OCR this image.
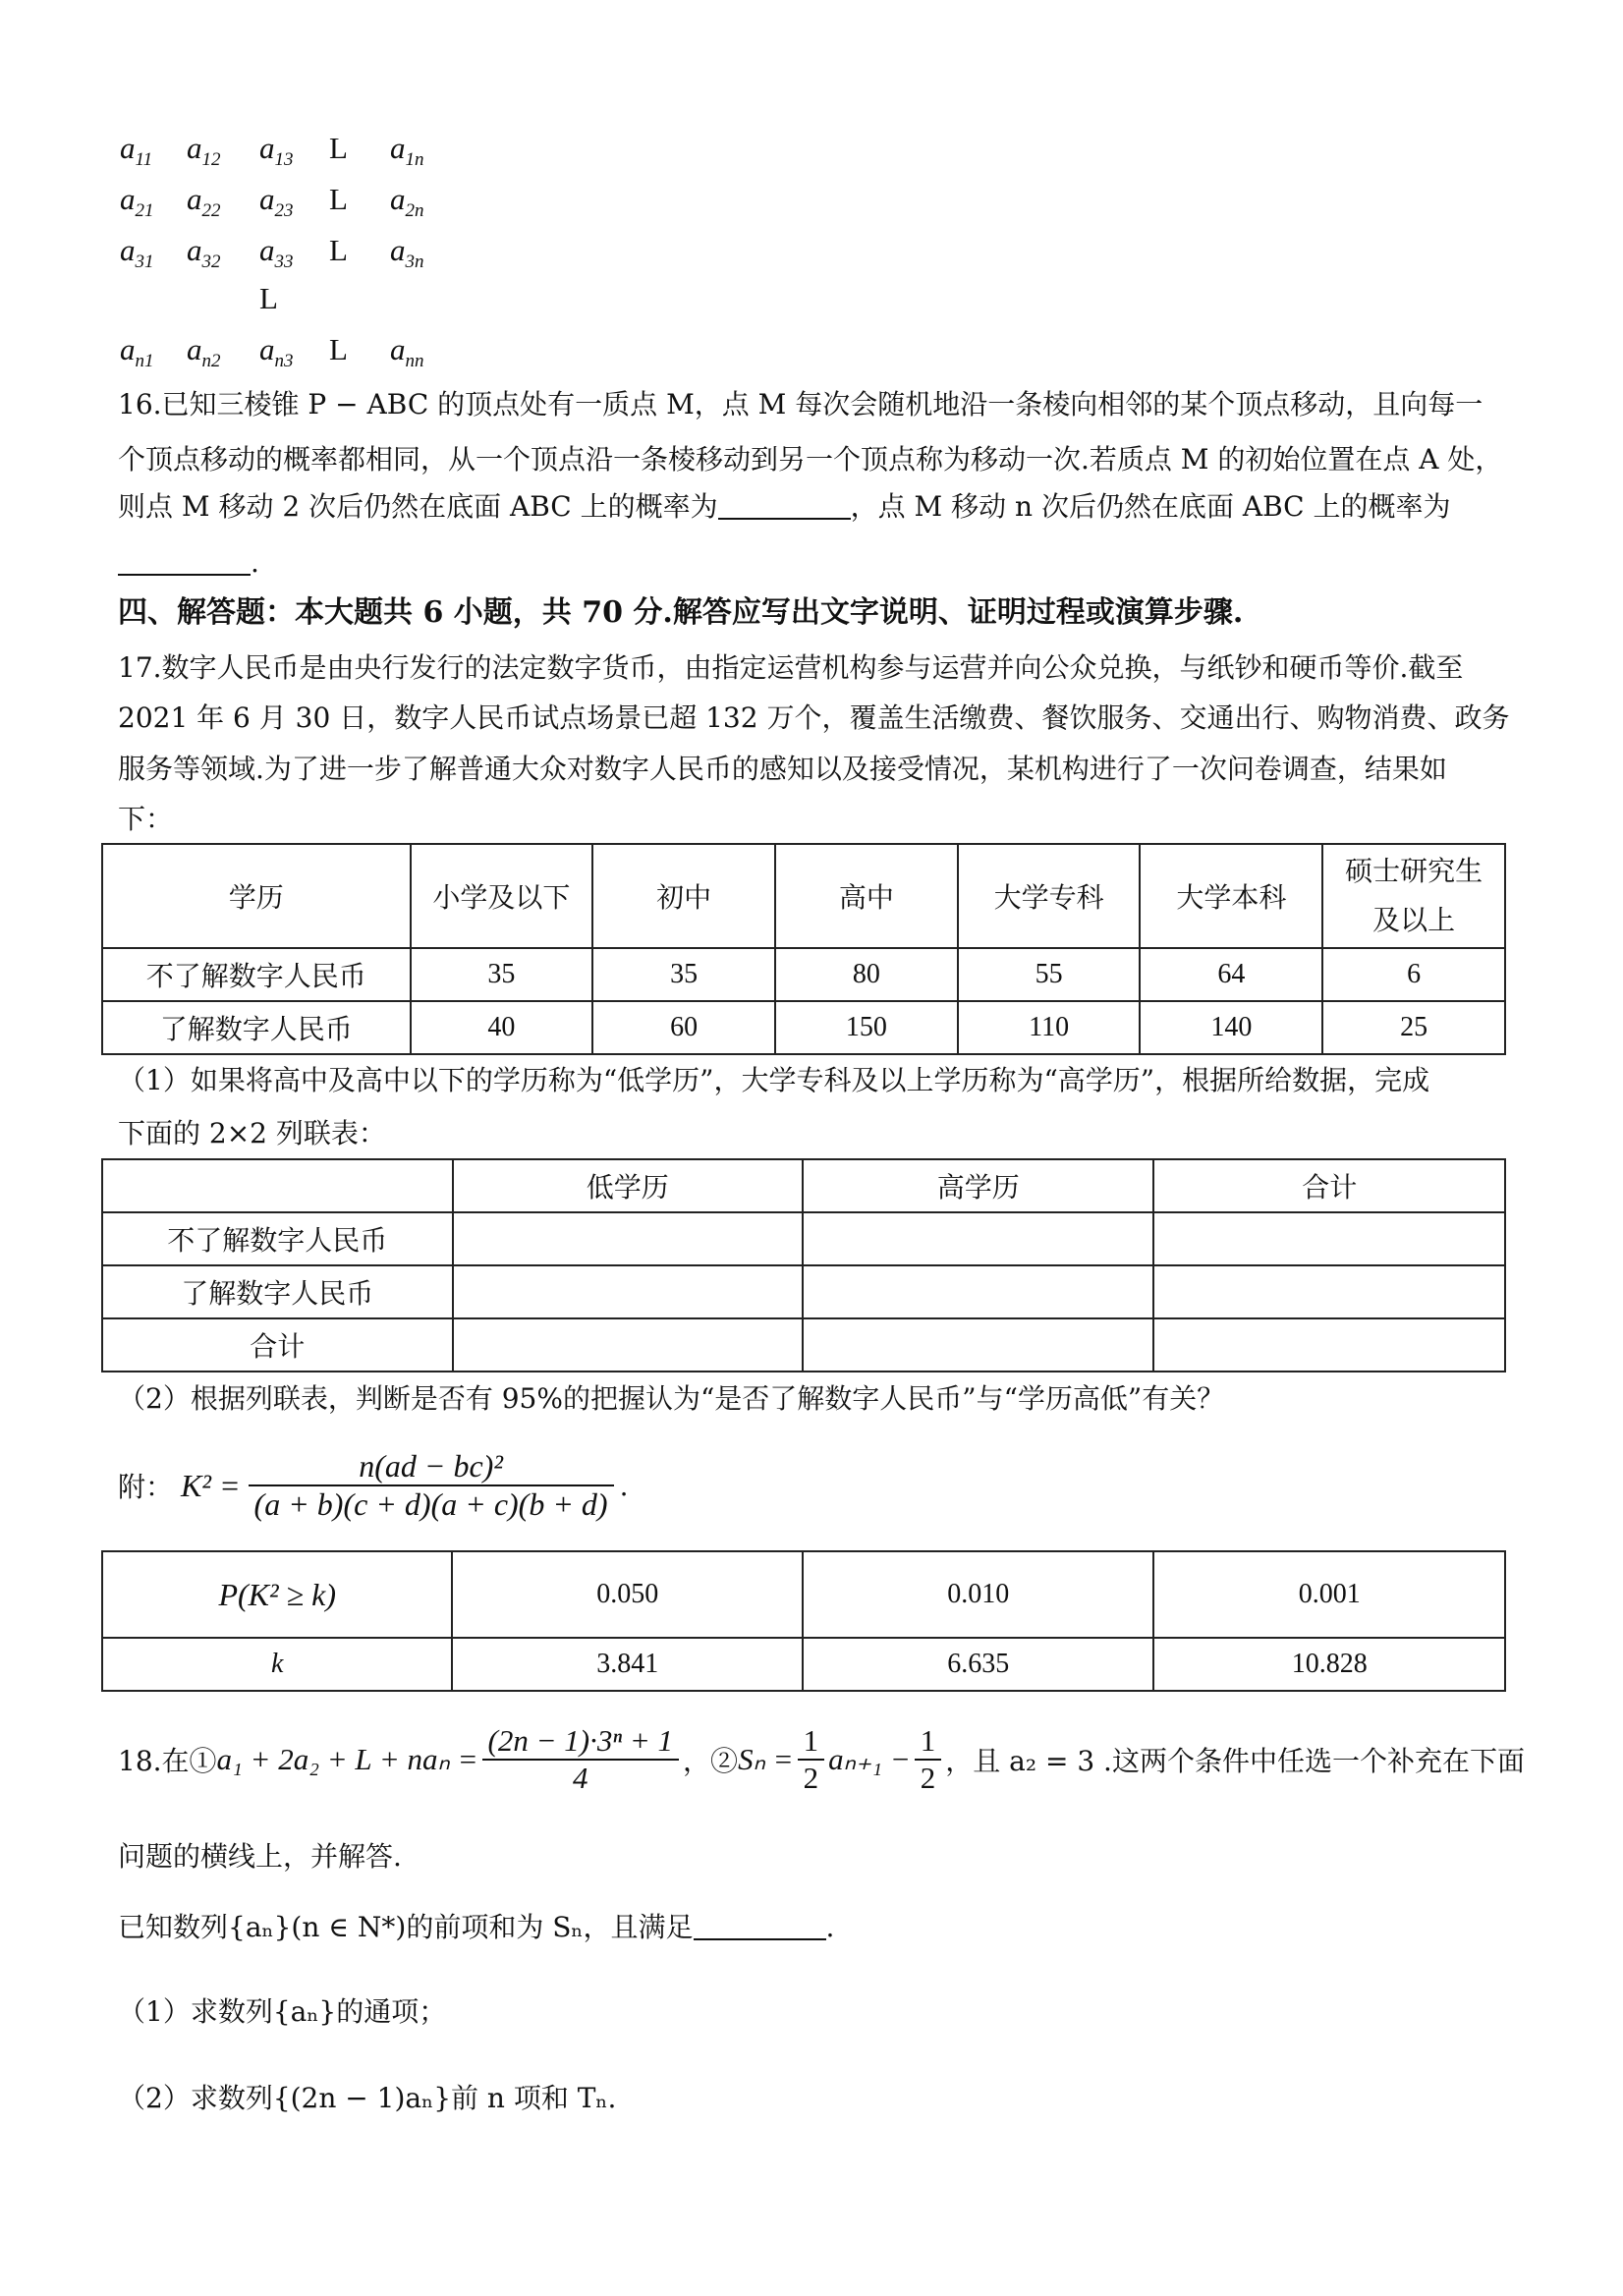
$a_{11}$ $a_{12}$ $a_{13}$ L $a_{1n}$
$a_{21}$ $a_{22}$ $a_{23}$ L $a_{2n}$
$a_{31}$ $a_{32}$ $a_{33}$ L $a_{3n}$
L
$a_{n1}$ $a_{n2}$ $a_{n3}$ L $a_{nn}$

16.已知三棱锥 P − ABC 的顶点处有一质点 M，点 M 每次会随机地沿一条棱向相邻的某个顶点移动，且向每一

个顶点移动的概率都相同，从一个顶点沿一条棱移动到另一个顶点称为移动一次.若质点 M 的初始位置在点 A 处，

则点 M 移动 2 次后仍然在底面 ABC 上的概率为	，点 M 移动 n 次后仍然在底面 ABC 上的概率为

.

四、解答题：本大题共 6 小题，共 70 分.解答应写出文字说明、证明过程或演算步骤.

17.数字人民币是由央行发行的法定数字货币，由指定运营机构参与运营并向公众兑换，与纸钞和硬币等价.截至

2021 年 6 月 30 日，数字人民币试点场景已超 132 万个，覆盖生活缴费、餐饮服务、交通出行、购物消费、政务

服务等领域.为了进一步了解普通大众对数字人民币的感知以及接受情况，某机构进行了一次问卷调查，结果如

下：

学历	小学及以下	初中	高中	大学专科	大学本科	硕士研究生
及以上

不了解数字人民币	35	35	80	55	64	6
了解数字人民币	40	60	150	110	140	25

（1）如果将高中及高中以下的学历称为“低学历”，大学专科及以上学历称为“高学历”，根据所给数据，完成

下面的 2×2 列联表：

	低学历	高学历	合计
不了解数字人民币			
了解数字人民币			
合计			

（2）根据列联表，判断是否有 95%的把握认为“是否了解数字人民币”与“学历高低”有关？

附： $K^2 = \frac{\text{n(ad − bc)²}}{(a + b)(c + d)(a + c)(b + d)}$ .
P(K² ≥ k)	0.050	0.010	0.001
k	3.841	6.635	10.828
18.在① $a_1 + 2a_2 + L + na_n = \frac{\text{(2n − 1)·3ⁿ + 1}}{4}$ ，② $S_n = \frac{1}{2} a_{n+1} - \frac{1}{2}$ ，且 a₂ = 3 .这两个条件中任选一个补充在下面

问题的横线上，并解答.

已知数列{aₙ}(n ∈ N*)的前项和为 Sₙ，且满足	.

（1）求数列{aₙ}的通项；

（2）求数列{(2n − 1)aₙ}前 n 项和 Tₙ.
